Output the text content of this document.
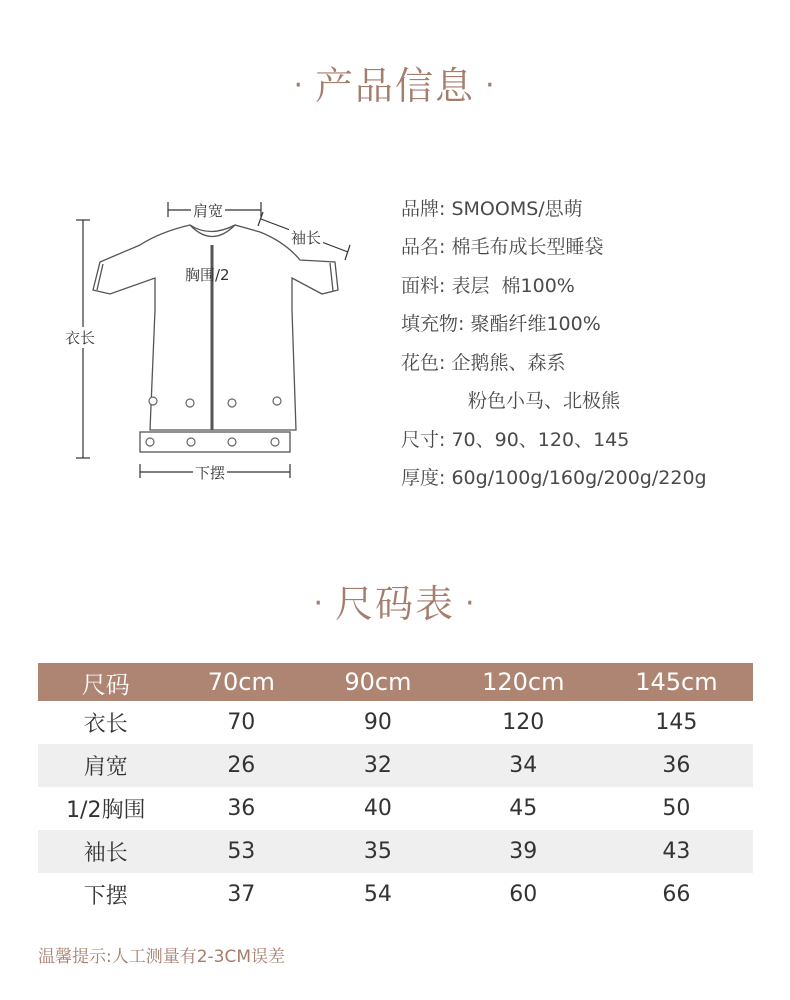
· 产品信息 ·
肩宽
袖长
胸围/2
衣长
下摆
品牌: SMOOMS/思萌
品名: 棉毛布成长型睡袋
面料: 表层  棉100%
填充物: 聚酯纤维100%
花色: 企鹅熊、森系
粉色小马、北极熊
尺寸: 70、90、120、145
厚度: 60g/100g/160g/200g/220g
· 尺码表 ·
尺码	70cm	90cm	120cm	145cm
衣长	70	90	120	145
肩宽	26	32	34	36
1/2胸围	36	40	45	50
袖长	53	35	39	43
下摆	37	54	60	66
温馨提示:人工测量有2-3CM误差
